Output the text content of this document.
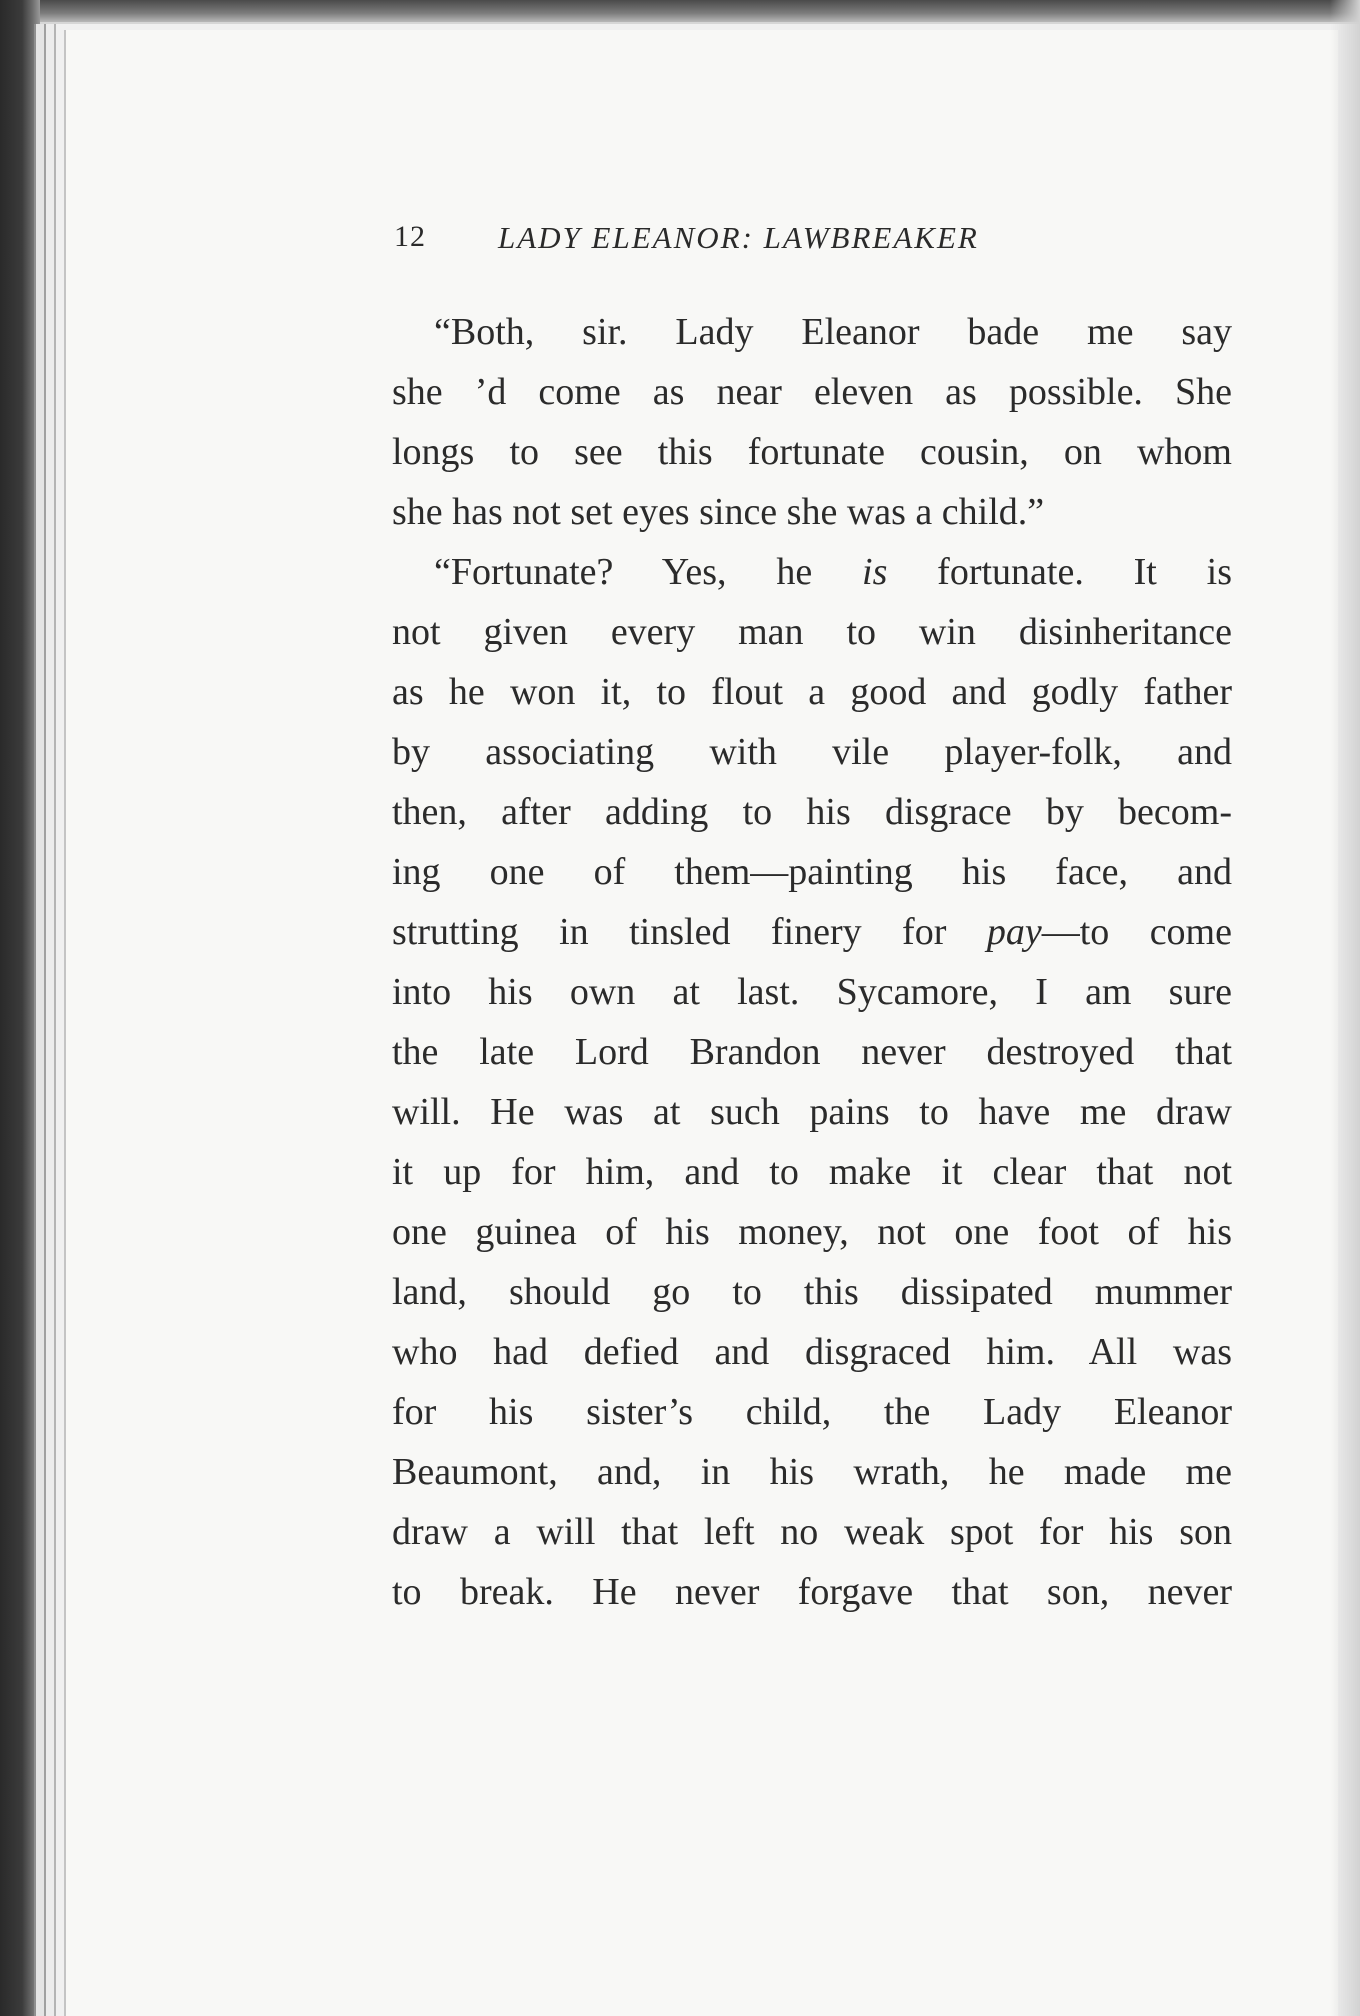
12 LADY ELEANOR: LAWBREAKER
“Both, sir. Lady Eleanor bade me say
she ’d come as near eleven as possible. She
longs to see this fortunate cousin, on whom
she has not set eyes since she was a child.”
“Fortunate? Yes, he is fortunate. It is
not given every man to win disinheritance
as he won it, to flout a good and godly father
by associating with vile player-folk, and
then, after adding to his disgrace by becom-
ing one of them—painting his face, and
strutting in tinsled finery for pay—to come
into his own at last. Sycamore, I am sure
the late Lord Brandon never destroyed that
will. He was at such pains to have me draw
it up for him, and to make it clear that not
one guinea of his money, not one foot of his
land, should go to this dissipated mummer
who had defied and disgraced him. All was
for his sister’s child, the Lady Eleanor
Beaumont, and, in his wrath, he made me
draw a will that left no weak spot for his son
to break. He never forgave that son, never
